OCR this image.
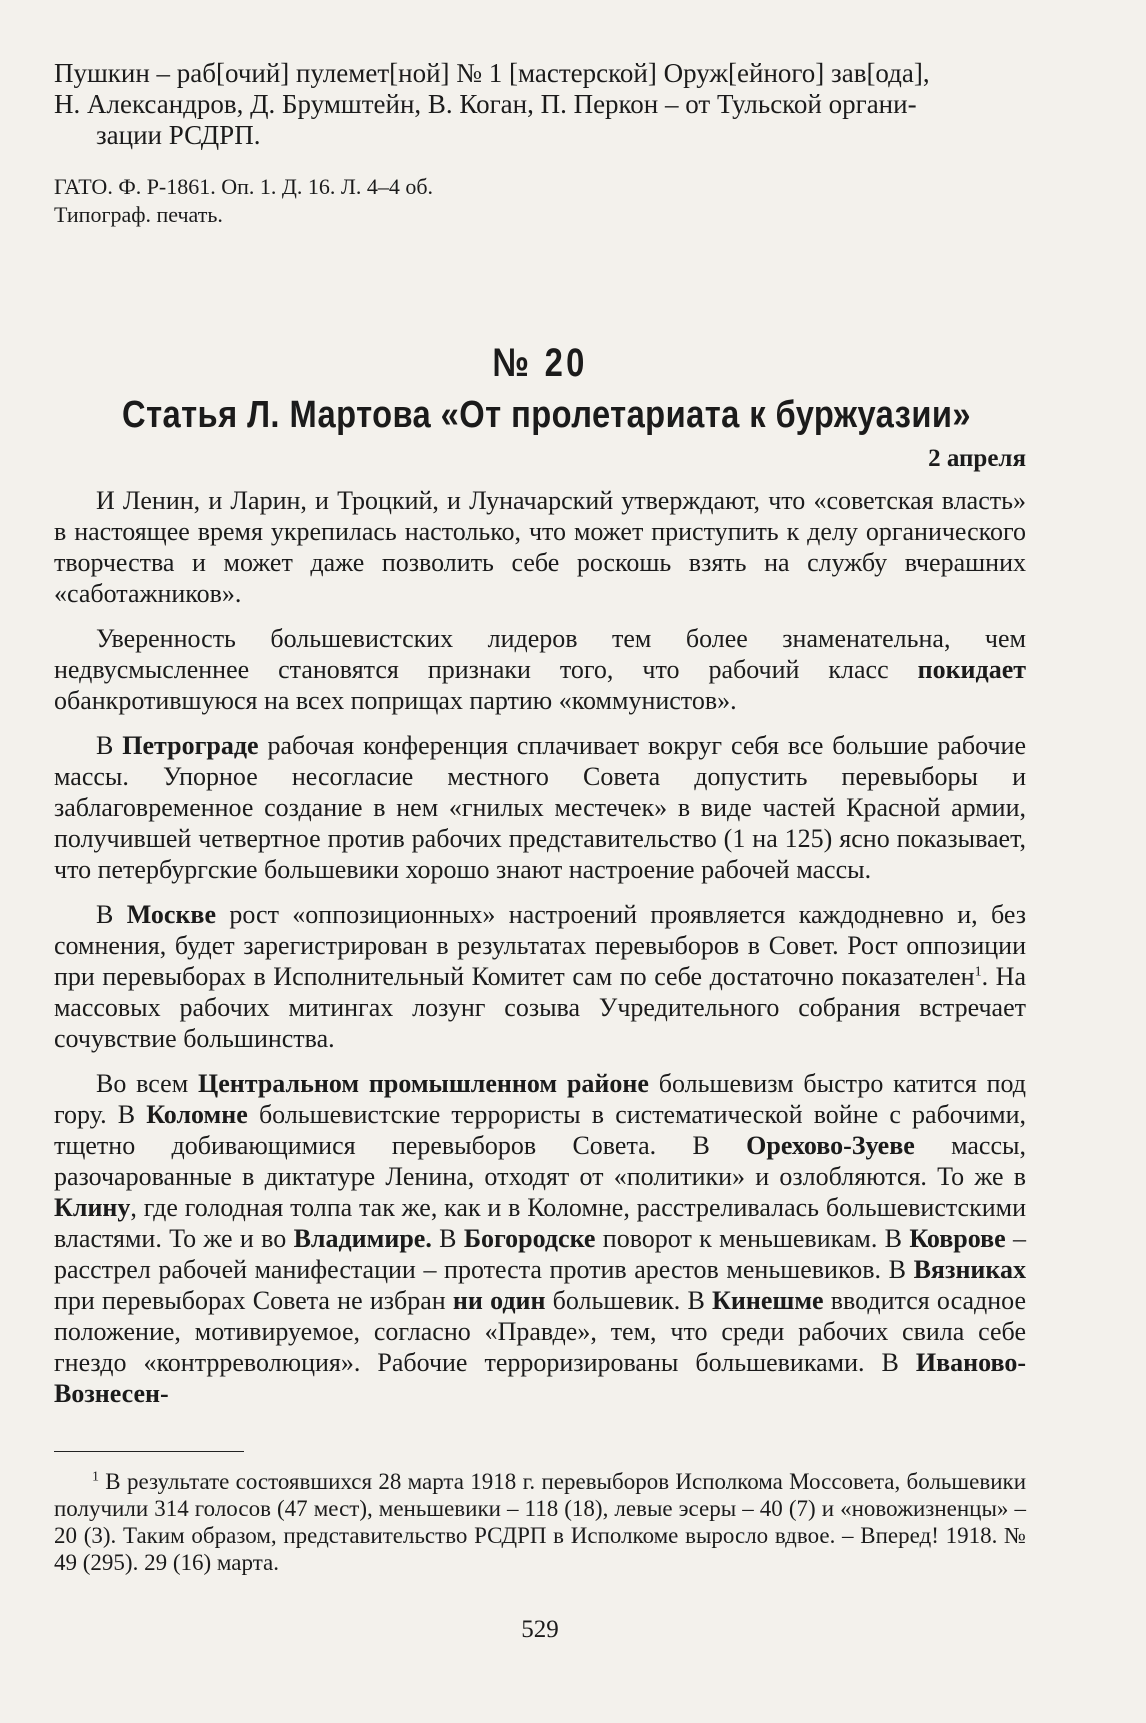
Пушкин – раб[очий] пулемет[ной] № 1 [мастерской] Оруж[ейного] зав[ода],
Н. Александров, Д. Брумштейн, В. Коган, П. Перкон – от Тульской органи-
зации РСДРП.

ГАТО. Ф. Р-1861. Оп. 1. Д. 16. Л. 4–4 об.

Типограф. печать.

№ 20
Статья Л. Мартова «От пролетариата к буржуазии»
2 апреля

И Ленин, и Ларин, и Троцкий, и Луначарский утверждают, что «советская власть» в настоящее время укрепилась настолько, что может приступить к делу органического творчества и может даже позволить себе роскошь взять на службу вчерашних «саботажников».

Уверенность большевистских лидеров тем более знаменательна, чем недвусмысленнее становятся признаки того, что рабочий класс покидает обанкротившуюся на всех поприщах партию «коммунистов».

В Петрограде рабочая конференция сплачивает вокруг себя все большие рабочие массы. Упорное несогласие местного Совета допустить перевыборы и заблаговременное создание в нем «гнилых местечек» в виде частей Красной армии, получившей четвертное против рабочих представительство (1 на 125) ясно показывает, что петербургские большевики хорошо знают настроение рабочей массы.

В Москве рост «оппозиционных» настроений проявляется каждодневно и, без сомнения, будет зарегистрирован в результатах перевыборов в Совет. Рост оппозиции при перевыборах в Исполнительный Комитет сам по себе достаточно показателен$^1$. На массовых рабочих митингах лозунг созыва Учредительного собрания встречает сочувствие большинства.

Во всем Центральном промышленном районе большевизм быстро катится под гору. В Коломне большевистские террористы в систематической войне с рабочими, тщетно добивающимися перевыборов Совета. В Орехово-Зуеве массы, разочарованные в диктатуре Ленина, отходят от «политики» и озлобляются. То же в Клину, где голодная толпа так же, как и в Коломне, расстреливалась большевистскими властями. То же и во Владимире. В Богородске поворот к меньшевикам. В Коврове – расстрел рабочей манифестации – протеста против арестов меньшевиков. В Вязниках при перевыборах Совета не избран ни один большевик. В Кинешме вводится осадное положение, мотивируемое, согласно «Правде», тем, что среди рабочих свила себе гнездо «контрреволюция». Рабочие терроризированы большевиками. В Иваново-Вознесен-

$^1$ В результате состоявшихся 28 марта 1918 г. перевыборов Исполкома Моссовета, большевики получили 314 голосов (47 мест), меньшевики – 118 (18), левые эсеры – 40 (7) и «новожизненцы» – 20 (3). Таким образом, представительство РСДРП в Исполкоме выросло вдвое. – Вперед! 1918. № 49 (295). 29 (16) марта.

529
